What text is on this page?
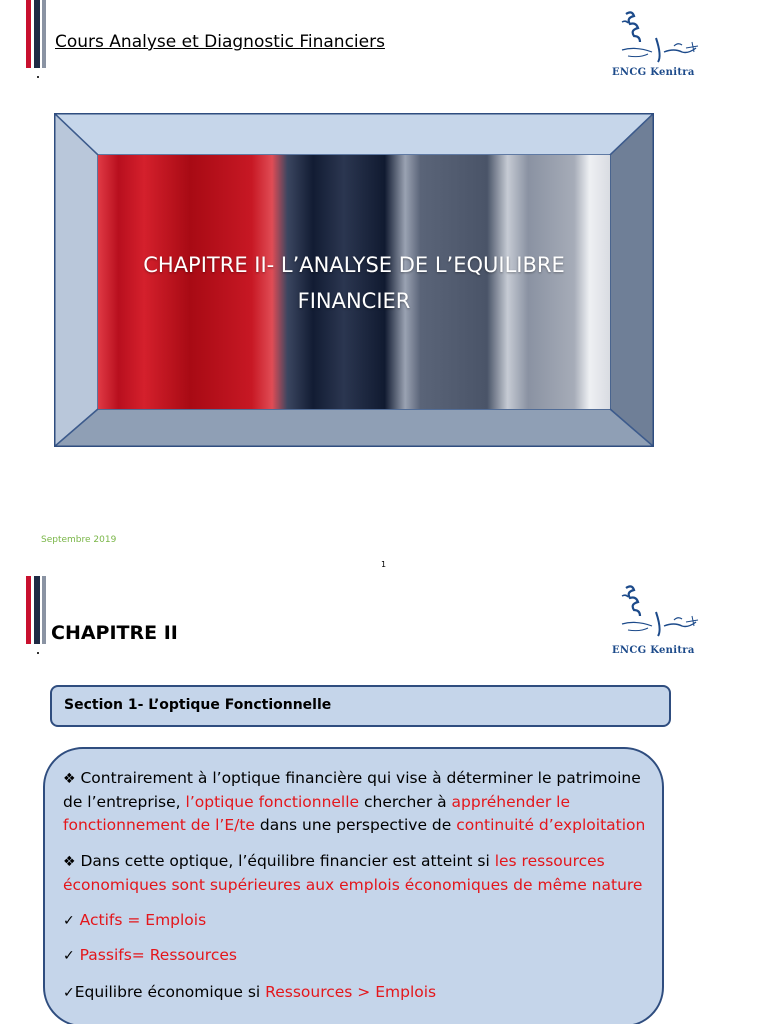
Cours Analyse et Diagnostic Financiers
ENCG Kenitra
CHAPITRE II- L’ANALYSE DE L’EQUILIBRE
FINANCIER
Septembre 2019
1
CHAPITRE II
ENCG Kenitra
Section 1- L’optique Fonctionnelle
❖ Contrairement à l’optique financière qui vise à déterminer le patrimoine de l’entreprise, l’optique fonctionnelle chercher à appréhender le fonctionnement de l’E/te dans une perspective de continuité d’exploitation
❖ Dans cette optique, l’équilibre financier est atteint si les ressources économiques sont supérieures aux emplois économiques de même nature
✓ Actifs = Emplois
✓ Passifs= Ressources
✓Equilibre économique si Ressources > Emplois
